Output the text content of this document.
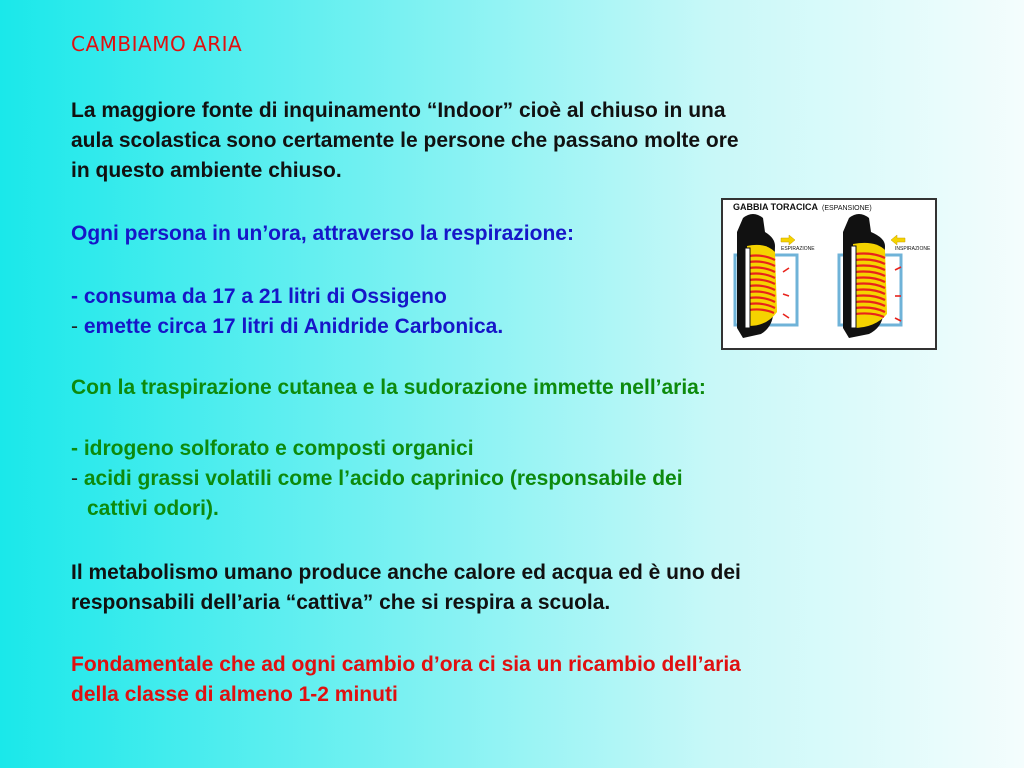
CAMBIAMO ARIA

La maggiore fonte di inquinamento “Indoor” cioè al chiuso in una
aula scolastica sono certamente le persone che passano molte ore
in questo ambiente chiuso.

Ogni persona in un’ora, attraverso la respirazione:

- consuma da 17 a 21 litri di Ossigeno
- emette circa 17 litri di Anidride Carbonica.

Con la traspirazione cutanea e la sudorazione immette nell’aria:

- idrogeno solforato e composti organici
- acidi grassi volatili come l’acido caprinico (responsabile dei
cattivi odori).

Il metabolismo umano produce anche calore ed acqua ed è uno dei
responsabili dell’aria “cattiva” che si respira a scuola.

Fondamentale che ad ogni cambio d’ora ci sia un ricambio dell’aria
della classe di almeno 1-2 minuti

GABBIA TORACICA (ESPANSIONE)
ESPIRAZIONE	INSPIRAZIONE
